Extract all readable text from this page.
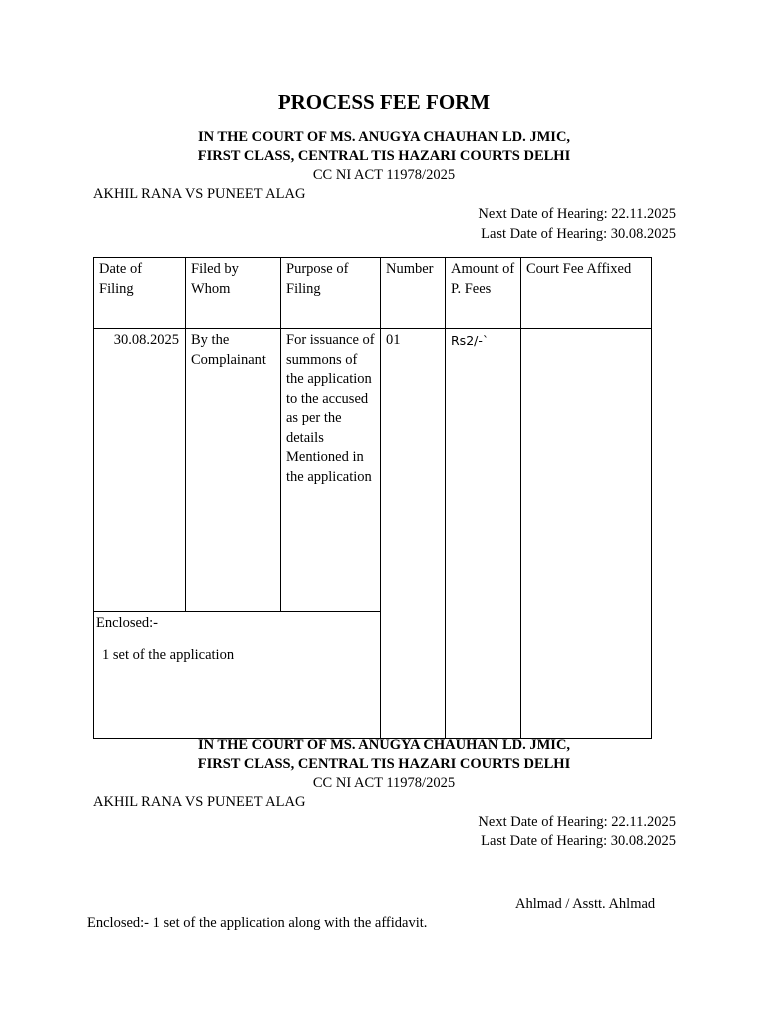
PROCESS FEE FORM
IN THE COURT OF MS. ANUGYA CHAUHAN LD. JMIC,
FIRST CLASS, CENTRAL TIS HAZARI COURTS DELHI
CC NI ACT 11978/2025
AKHIL RANA VS PUNEET ALAG
Next Date of Hearing: 22.11.2025
Last Date of Hearing: 30.08.2025
Date of Filing	Filed by Whom	Purpose of Filing	Number	Amount of P. Fees	Court Fee Affixed
30.08.2025	By the Complainant	For issuance of summons of the application to the accused as per the details Mentioned in the application	01	Rs2/-`	

Enclosed:-
1 set of the application					
IN THE COURT OF MS. ANUGYA CHAUHAN LD. JMIC,
FIRST CLASS, CENTRAL TIS HAZARI COURTS DELHI
CC NI ACT 11978/2025
AKHIL RANA VS PUNEET ALAG
Next Date of Hearing: 22.11.2025
Last Date of Hearing: 30.08.2025
Ahlmad / Asstt. Ahlmad
Enclosed:- 1 set of the application along with the affidavit.
